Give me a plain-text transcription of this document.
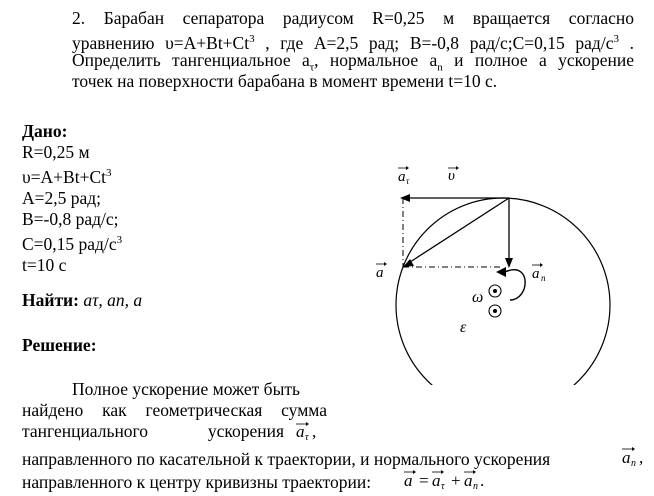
2. Барабан сепаратора радиусом R=0,25 м вращается согласно
уравнению $\upsilon=A+Bt+Ct^3$ , где A=2,5 рад; B=-0,8 рад/с;C=0,15 рад/$с^3$ .
Определить тангенциальное $a_\tau$, нормальное $a_n$ и полное a ускорение
точек на поверхности барабана в момент времени t=10 с.
Дано:
R=0,25 м
$\upsilon=A+Bt+Ct^3$
A=2,5 рад;
B=-0,8 рад/с;
C=0,15 рад/$с^3$
t=10 с
Найти: aτ, an, a
Решение:
Полное ускорение может быть
найдено как геометрическая сумма
тангенциального	ускорения a τ ,
направленного по касательной к траектории, и нормального ускорения	a n ,
направленного к центру кривизны траектории: a = a τ + a n .
a τ	υ
a	a n
ω
ε
